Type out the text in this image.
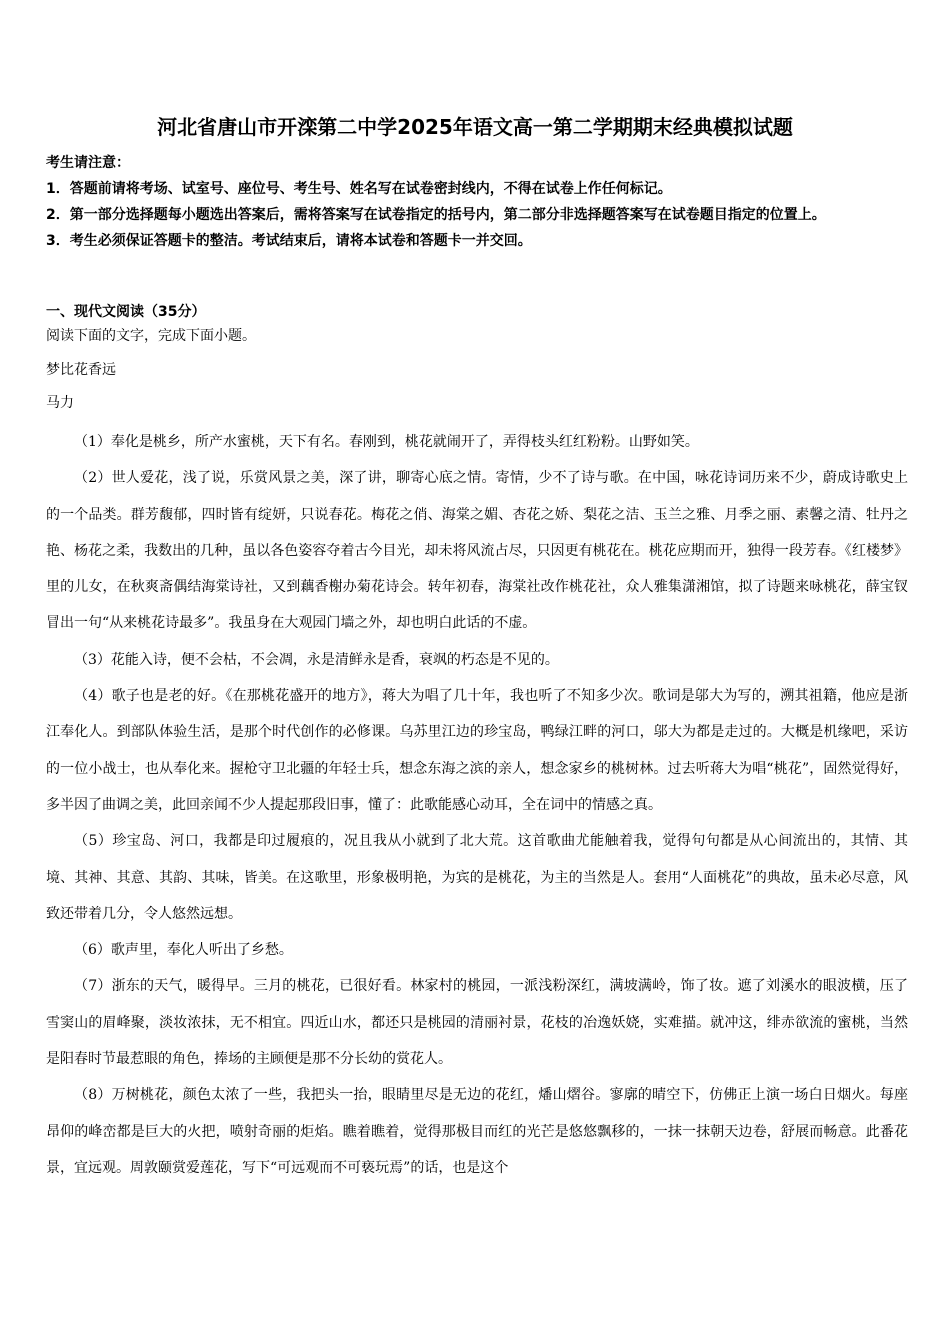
河北省唐山市开滦第二中学2025年语文高一第二学期期末经典模拟试题

考生请注意：

1．答题前请将考场、试室号、座位号、考生号、姓名写在试卷密封线内，不得在试卷上作任何标记。

2．第一部分选择题每小题选出答案后，需将答案写在试卷指定的括号内，第二部分非选择题答案写在试卷题目指定的位置上。

3．考生必须保证答题卡的整洁。考试结束后，请将本试卷和答题卡一并交回。

一、现代文阅读（35分）
阅读下面的文字，完成下面小题。
梦比花香远
马力

（1）奉化是桃乡，所产水蜜桃，天下有名。春刚到，桃花就闹开了，弄得枝头红红粉粉。山野如笑。

（2）世人爱花，浅了说，乐赏风景之美，深了讲，聊寄心底之情。寄情，少不了诗与歌。在中国，咏花诗词历来不少，蔚成诗歌史上的一个品类。群芳馥郁，四时皆有绽妍，只说春花。梅花之俏、海棠之媚、杏花之娇、梨花之洁、玉兰之雅、月季之丽、素馨之清、牡丹之艳、杨花之柔，我数出的几种，虽以各色姿容夺着古今目光，却未将风流占尽，只因更有桃花在。桃花应期而开，独得一段芳春。《红楼梦》里的儿女，在秋爽斋偶结海棠诗社，又到藕香榭办菊花诗会。转年初春，海棠社改作桃花社，众人雅集潇湘馆，拟了诗题来咏桃花，薛宝钗冒出一句“从来桃花诗最多”。我虽身在大观园门墙之外，却也明白此话的不虚。

（3）花能入诗，便不会枯，不会凋，永是清鲜永是香，衰飒的朽态是不见的。

（4）歌子也是老的好。《在那桃花盛开的地方》，蒋大为唱了几十年，我也听了不知多少次。歌词是邬大为写的，溯其祖籍，他应是浙江奉化人。到部队体验生活，是那个时代创作的必修课。乌苏里江边的珍宝岛，鸭绿江畔的河口，邬大为都是走过的。大概是机缘吧，采访的一位小战士，也从奉化来。握枪守卫北疆的年轻士兵，想念东海之滨的亲人，想念家乡的桃树林。过去听蒋大为唱“桃花”，固然觉得好，多半因了曲调之美，此回亲闻不少人提起那段旧事，懂了：此歌能感心动耳，全在词中的情感之真。

（5）珍宝岛、河口，我都是印过履痕的，况且我从小就到了北大荒。这首歌曲尤能触着我，觉得句句都是从心间流出的，其情、其境、其神、其意、其韵、其味，皆美。在这歌里，形象极明艳，为宾的是桃花，为主的当然是人。套用“人面桃花”的典故，虽未必尽意，风致还带着几分，令人悠然远想。

（6）歌声里，奉化人听出了乡愁。

（7）浙东的天气，暖得早。三月的桃花，已很好看。林家村的桃园，一派浅粉深红，满坡满岭，饰了妆。遮了刘溪水的眼波横，压了雪窦山的眉峰聚，淡妆浓抹，无不相宜。四近山水，都还只是桃园的清丽衬景，花枝的冶逸妖娆，实难描。就冲这，绯赤欲流的蜜桃，当然是阳春时节最惹眼的角色，捧场的主顾便是那不分长幼的赏花人。

（8）万树桃花，颜色太浓了一些，我把头一抬，眼睛里尽是无边的花红，燔山熠谷。寥廓的晴空下，仿佛正上演一场白日烟火。每座昂仰的峰峦都是巨大的火把，喷射奇丽的炬焰。瞧着瞧着，觉得那极目而红的光芒是悠悠飘移的，一抹一抹朝天边卷，舒展而畅意。此番花景，宜远观。周敦颐赏爱莲花，写下“可远观而不可亵玩焉”的话，也是这个
